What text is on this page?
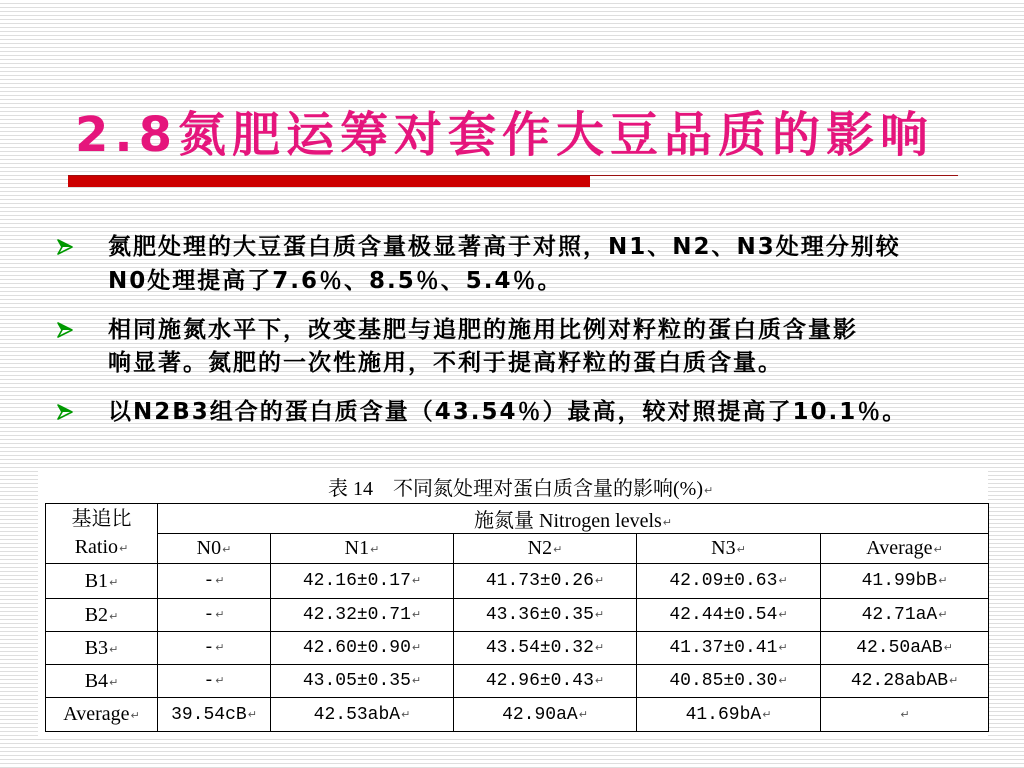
2.8氮肥运筹对套作大豆品质的影响
氮肥处理的大豆蛋白质含量极显著高于对照，N1、N2、N3处理分别较
N0处理提高了7.6％、8.5％、5.4％。
相同施氮水平下，改变基肥与追肥的施用比例对籽粒的蛋白质含量影
响显著。氮肥的一次性施用，不利于提高籽粒的蛋白质含量。
以N2B3组合的蛋白质含量（43.54％）最高，较对照提高了10.1％。
表 14　不同氮处理对蛋白质含量的影响(%) ↵
基追比
Ratio ↵	施氮量 Nitrogen levels ↵
	N0 ↵	N1 ↵	N2 ↵	N3 ↵	Average ↵
B1 ↵	- ↵	42.16±0.17 ↵	41.73±0.26 ↵	42.09±0.63 ↵	41.99bB ↵
B2 ↵	- ↵	42.32±0.71 ↵	43.36±0.35 ↵	42.44±0.54 ↵	42.71aA ↵
B3 ↵	- ↵	42.60±0.90 ↵	43.54±0.32 ↵	41.37±0.41 ↵	42.50aAB ↵
B4 ↵	- ↵	43.05±0.35 ↵	42.96±0.43 ↵	40.85±0.30 ↵	42.28abAB ↵
Average ↵	39.54cB ↵	42.53abA ↵	42.90aA ↵	41.69bA ↵	↵
